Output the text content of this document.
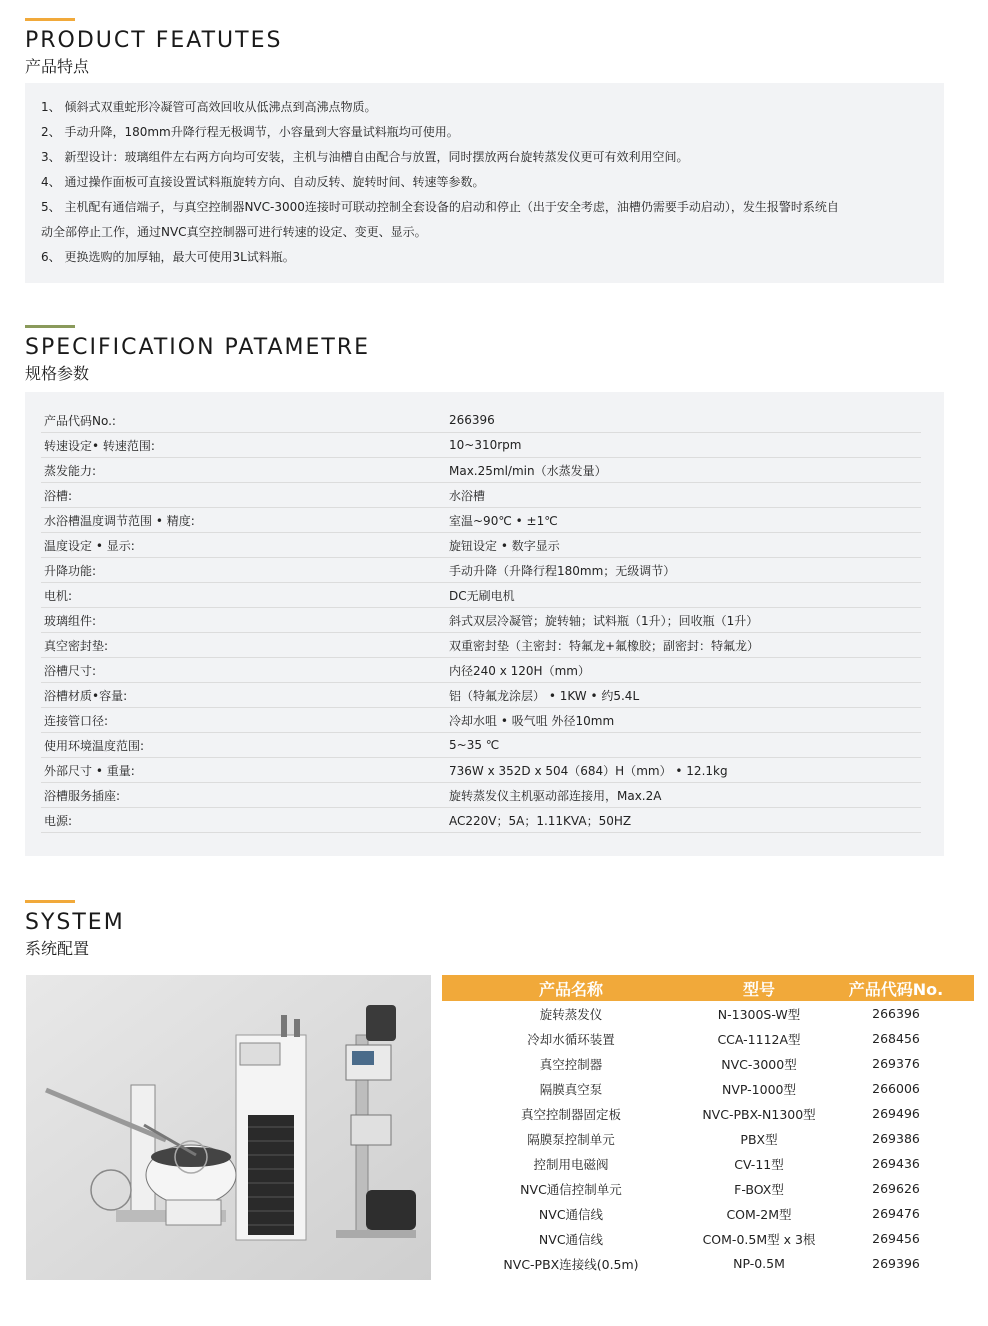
PRODUCT FEATUTES
产品特点
1、 倾斜式双重蛇形冷凝管可高效回收从低沸点到高沸点物质。
2、 手动升降，180mm升降行程无极调节，小容量到大容量试料瓶均可使用。
3、 新型设计：玻璃组件左右两方向均可安装，主机与油槽自由配合与放置，同时摆放两台旋转蒸发仪更可有效利用空间。
4、 通过操作面板可直接设置试料瓶旋转方向、自动反转、旋转时间、转速等参数。
5、 主机配有通信端子，与真空控制器NVC-3000连接时可联动控制全套设备的启动和停止（出于安全考虑，油槽仍需要手动启动），发生报警时系统自
动全部停止工作，通过NVC真空控制器可进行转速的设定、变更、显示。
6、 更换选购的加厚轴，最大可使用3L试料瓶。
SPECIFICATION PATAMETRE
规格参数
产品代码No.:	266396
转速设定• 转速范围:	10~310rpm
蒸发能力:	Max.25ml/min（水蒸发量）
浴槽:	水浴槽
水浴槽温度调节范围 • 精度:	室温~90℃ • ±1℃
温度设定 • 显示:	旋钮设定 • 数字显示
升降功能:	手动升降（升降行程180mm；无级调节）
电机:	DC无刷电机
玻璃组件:	斜式双层冷凝管；旋转轴；试料瓶（1升）；回收瓶（1升）
真空密封垫:	双重密封垫（主密封：特氟龙+氟橡胶；副密封：特氟龙）
浴槽尺寸:	内径240 x 120H（mm）
浴槽材质•容量:	铝（特氟龙涂层） • 1KW • 约5.4L
连接管口径:	冷却水咀 • 吸气咀 外径10mm
使用环境温度范围:	5~35 ℃
外部尺寸 • 重量:	736W x 352D x 504（684）H（mm） • 12.1kg
浴槽服务插座:	旋转蒸发仪主机驱动部连接用，Max.2A
电源:	AC220V；5A；1.11KVA；50HZ
SYSTEM
系统配置
产品名称	型号	产品代码No.
旋转蒸发仪	N-1300S-W型	266396
冷却水循环装置	CCA-1112A型	268456
真空控制器	NVC-3000型	269376
隔膜真空泵	NVP-1000型	266006
真空控制器固定板	NVC-PBX-N1300型	269496
隔膜泵控制单元	PBX型	269386
控制用电磁阀	CV-11型	269436
NVC通信控制单元	F-BOX型	269626
NVC通信线	COM-2M型	269476
NVC通信线	COM-0.5M型 x 3根	269456
NVC-PBX连接线(0.5m)	NP-0.5M	269396
